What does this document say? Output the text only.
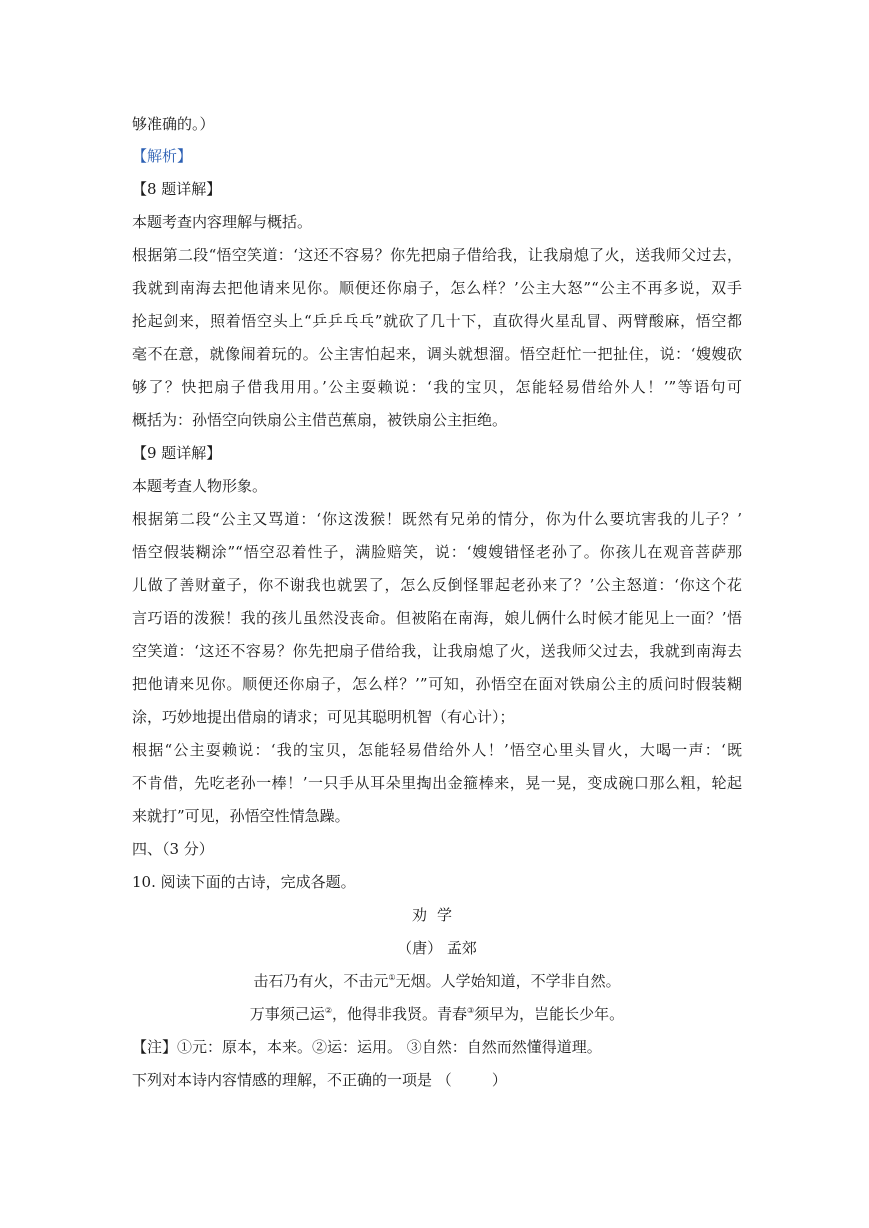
够准确的。）
【解析】
【8 题详解】
本题考查内容理解与概括。
根据第二段“悟空笑道：‘这还不容易？你先把扇子借给我，让我扇熄了火，送我师父过去，
我就到南海去把他请来见你。顺便还你扇子，怎么样？’公主大怒”“公主不再多说，双手
抡起剑来，照着悟空头上“乒乒乓乓”就砍了几十下，直砍得火星乱冒、两臂酸麻，悟空都
毫不在意，就像闹着玩的。公主害怕起来，调头就想溜。悟空赶忙一把扯住，说：‘嫂嫂砍
够了？快把扇子借我用用。’公主耍赖说：‘我的宝贝，怎能轻易借给外人！’”等语句可
概括为：孙悟空向铁扇公主借芭蕉扇，被铁扇公主拒绝。
【9 题详解】
本题考查人物形象。
根据第二段“公主又骂道：‘你这泼猴！既然有兄弟的情分，你为什么要坑害我的儿子？’
悟空假装糊涂”“悟空忍着性子，满脸赔笑，说：‘嫂嫂错怪老孙了。你孩儿在观音菩萨那
儿做了善财童子，你不谢我也就罢了，怎么反倒怪罪起老孙来了？’公主怒道：‘你这个花
言巧语的泼猴！我的孩儿虽然没丧命。但被陷在南海，娘儿俩什么时候才能见上一面？’悟
空笑道：‘这还不容易？你先把扇子借给我，让我扇熄了火，送我师父过去，我就到南海去
把他请来见你。顺便还你扇子，怎么样？’”可知，孙悟空在面对铁扇公主的质问时假装糊
涂，巧妙地提出借扇的请求；可见其聪明机智（有心计）；
根据“公主耍赖说：‘我的宝贝，怎能轻易借给外人！’悟空心里头冒火，大喝一声：‘既
不肯借，先吃老孙一棒！’一只手从耳朵里掏出金箍棒来，晃一晃，变成碗口那么粗，轮起
来就打”可见，孙悟空性情急躁。
四、（3 分）
10. 阅读下面的古诗，完成各题。
劝学
（唐） 孟郊
击石乃有火，不击元①无烟。人学始知道，不学非自然。
万事须己运②，他得非我贤。青春③须早为，岂能长少年。
【注】①元：原本，本来。②运：运用。 ③自然：自然而然懂得道理。
下列对本诗内容情感的理解，不正确的一项是 （	）
